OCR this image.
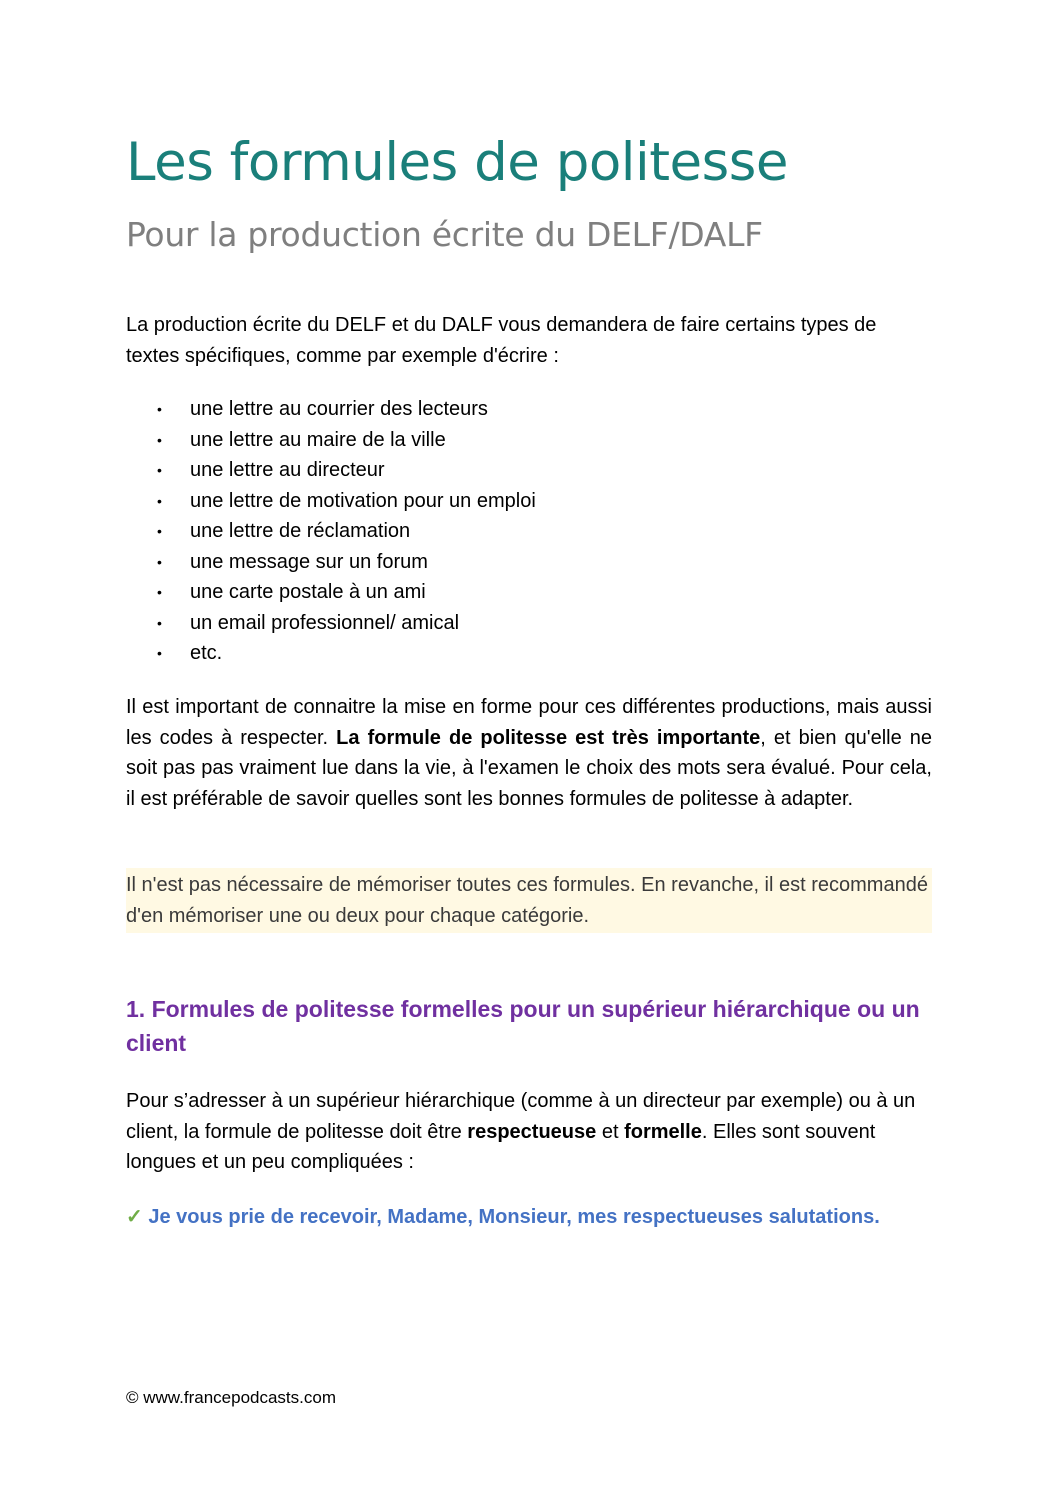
Les formules de politesse
Pour la production écrite du DELF/DALF

La production écrite du DELF et du DALF vous demandera de faire certains types de textes spécifiques, comme par exemple d'écrire :

• une lettre au courrier des lecteurs
• une lettre au maire de la ville
• une lettre au directeur
• une lettre de motivation pour un emploi
• une lettre de réclamation
• une message sur un forum
• une carte postale à un ami
• un email professionnel/ amical
• etc.

Il est important de connaitre la mise en forme pour ces différentes productions, mais aussi les codes à respecter. La formule de politesse est très importante, et bien qu'elle ne soit pas pas vraiment lue dans la vie, à l'examen le choix des mots sera évalué. Pour cela, il est préférable de savoir quelles sont les bonnes formules de politesse à adapter.

Il n'est pas nécessaire de mémoriser toutes ces formules. En revanche, il est recommandé d'en mémoriser une ou deux pour chaque catégorie.

1. Formules de politesse formelles pour un supérieur hiérarchique ou un client

Pour s’adresser à un supérieur hiérarchique (comme à un directeur par exemple) ou à un client, la formule de politesse doit être respectueuse et formelle. Elles sont souvent longues et un peu compliquées :

✓ Je vous prie de recevoir, Madame, Monsieur, mes respectueuses salutations.

© www.francepodcasts.com
